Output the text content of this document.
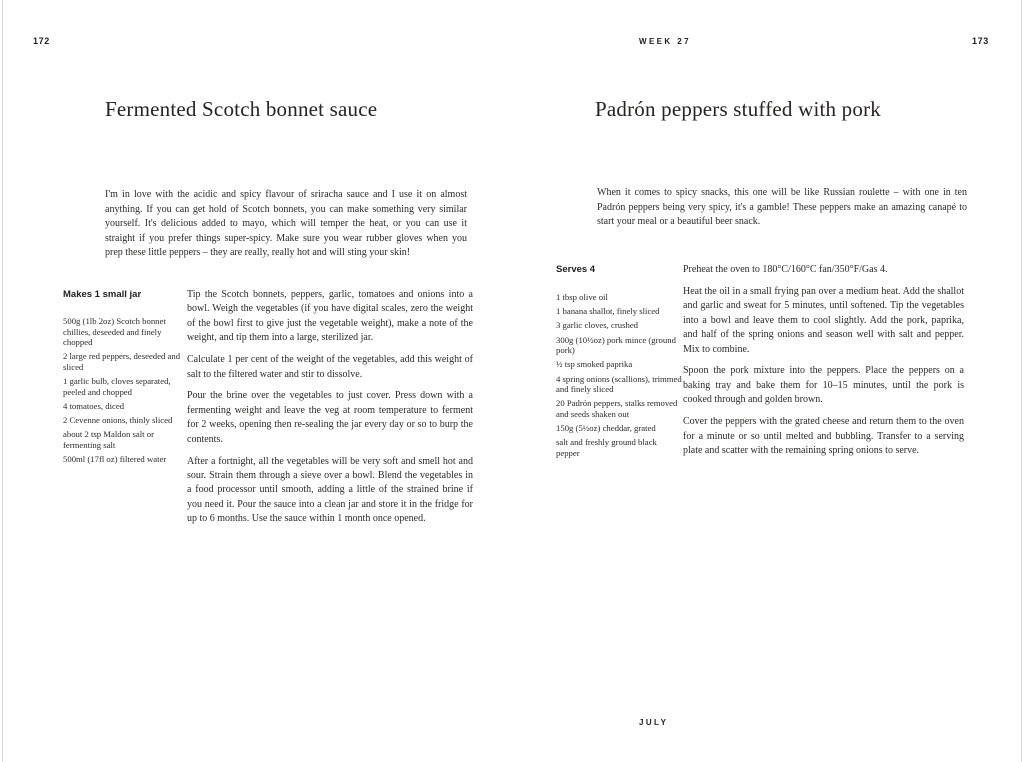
172	WEEK 27	173
Fermented Scotch bonnet sauce

I'm in love with the acidic and spicy flavour of sriracha sauce and I use it on almost anything. If you can get hold of Scotch bonnets, you can make something very similar yourself. It's delicious added to mayo, which will temper the heat, or you can use it straight if you prefer things super-spicy. Make sure you wear rubber gloves when you prep these little peppers – they are really, really hot and will sting your skin!

Makes 1 small jar
500g (1lb 2oz) Scotch bonnet chillies, deseeded and finely chopped
2 large red peppers, deseeded and sliced
1 garlic bulb, cloves separated, peeled and chopped
4 tomatoes, diced
2 Cevenne onions, thinly sliced
about 2 tsp Maldon salt or fermenting salt
500ml (17fl oz) filtered water

Tip the Scotch bonnets, peppers, garlic, tomatoes and onions into a bowl. Weigh the vegetables (if you have digital scales, zero the weight of the bowl first to give just the vegetable weight), make a note of the weight, and tip them into a large, sterilized jar.

Calculate 1 per cent of the weight of the vegetables, add this weight of salt to the filtered water and stir to dissolve.

Pour the brine over the vegetables to just cover. Press down with a fermenting weight and leave the veg at room temperature to ferment for 2 weeks, opening then re-sealing the jar every day or so to burp the contents.

After a fortnight, all the vegetables will be very soft and smell hot and sour. Strain them through a sieve over a bowl. Blend the vegetables in a food processor until smooth, adding a little of the strained brine if you need it. Pour the sauce into a clean jar and store it in the fridge for up to 6 months. Use the sauce within 1 month once opened.

Padrón peppers stuffed with pork

When it comes to spicy snacks, this one will be like Russian roulette – with one in ten Padrón peppers being very spicy, it's a gamble! These peppers make an amazing canapé to start your meal or a beautiful beer snack.

Serves 4
1 tbsp olive oil
1 banana shallot, finely sliced
3 garlic cloves, crushed
300g (10½oz) pork mince (ground pork)
½ tsp smoked paprika
4 spring onions (scallions), trimmed and finely sliced
20 Padrón peppers, stalks removed and seeds shaken out
150g (5½oz) cheddar, grated
salt and freshly ground black pepper

Preheat the oven to 180°C/160°C fan/350°F/Gas 4.

Heat the oil in a small frying pan over a medium heat. Add the shallot and garlic and sweat for 5 minutes, until softened. Tip the vegetables into a bowl and leave them to cool slightly. Add the pork, paprika, and half of the spring onions and season well with salt and pepper. Mix to combine.

Spoon the pork mixture into the peppers. Place the peppers on a baking tray and bake them for 10–15 minutes, until the pork is cooked through and golden brown.

Cover the peppers with the grated cheese and return them to the oven for a minute or so until melted and bubbling. Transfer to a serving plate and scatter with the remaining spring onions to serve.

JULY
